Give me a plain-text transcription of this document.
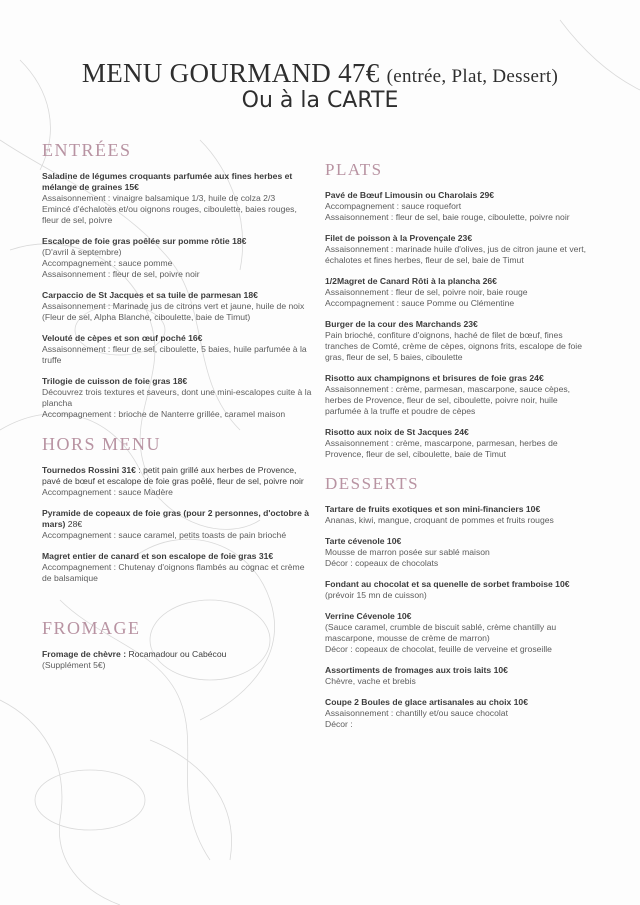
MENU GOURMAND 47€ (entrée, Plat, Dessert)
Ou à la CARTE
ENTRÉES
Saladine de légumes croquants parfumée aux fines herbes et mélange de graines 15€
Assaisonnement : vinaigre balsamique 1/3, huile de colza 2/3
Emincé d'échalotes et/ou oignons rouges, ciboulette, baies rouges, fleur de sel, poivre
Escalope de foie gras poêlée sur pomme rôtie 18€
(D'avril à septembre)
Accompagnement : sauce pomme
Assaisonnement : fleur de sel, poivre noir
Carpaccio de St Jacques et sa tuile de parmesan 18€
Assaisonnement : Marinade jus de citrons vert et jaune, huile de noix
(Fleur de sel, Alpha Blanche, ciboulette, baie de Timut)
Velouté de cèpes et son œuf poché 16€
Assaisonnement : fleur de sel, ciboulette, 5 baies, huile parfumée à la truffe
Trilogie de cuisson de foie gras 18€
Découvrez trois textures et saveurs, dont une mini-escalopes cuite à la plancha
Accompagnement : brioche de Nanterre grillée, caramel maison
HORS MENU
Tournedos Rossini 31€ : petit pain grillé aux herbes de Provence, pavé de bœuf et escalope de foie gras poêlé, fleur de sel, poivre noir
Accompagnement : sauce Madère
Pyramide de copeaux de foie gras (pour 2 personnes, d'octobre à mars) 28€
Accompagnement : sauce caramel, petits toasts de pain brioché
Magret entier de canard et son escalope de foie gras 31€
Accompagnement : Chutenay d'oignons flambés au cognac et crème de balsamique
FROMAGE
Fromage de chèvre : Rocamadour ou Cabécou
(Supplément 5€)
PLATS
Pavé de Bœuf Limousin ou Charolais 29€
Accompagnement : sauce roquefort
Assaisonnement : fleur de sel, baie rouge, ciboulette, poivre noir
Filet de poisson à la Provençale 23€
Assaisonnement : marinade huile d'olives, jus de citron jaune et vert, échalotes et fines herbes, fleur de sel, baie de Timut
1/2Magret de Canard Rôti à la plancha 26€
Assaisonnement : fleur de sel, poivre noir, baie rouge
Accompagnement : sauce Pomme ou Clémentine
Burger de la cour des Marchands 23€
Pain brioché, confiture d'oignons, haché de filet de bœuf, fines tranches de Comté, crème de cèpes, oignons frits, escalope de foie gras, fleur de sel, 5 baies, ciboulette
Risotto aux champignons et brisures de foie gras 24€
Assaisonnement : crème, parmesan, mascarpone, sauce cèpes, herbes de Provence, fleur de sel, ciboulette, poivre noir, huile parfumée à la truffe et poudre de cèpes
Risotto aux noix de St Jacques 24€
Assaisonnement : crème, mascarpone, parmesan, herbes de Provence, fleur de sel, ciboulette, baie de Timut
DESSERTS
Tartare de fruits exotiques et son mini-financiers 10€
Ananas, kiwi, mangue, croquant de pommes et fruits rouges
Tarte cévenole 10€
Mousse de marron posée sur sablé maison
Décor : copeaux de chocolats
Fondant au chocolat et sa quenelle de sorbet framboise 10€
(prévoir 15 mn de cuisson)
Verrine Cévenole 10€
(Sauce caramel, crumble de biscuit sablé, crème chantilly au mascarpone, mousse de crème de marron)
Décor : copeaux de chocolat, feuille de verveine et groseille
Assortiments de fromages aux trois laits 10€
Chèvre, vache et brebis
Coupe 2 Boules de glace artisanales au choix 10€
Assaisonnement : chantilly et/ou sauce chocolat
Décor :
